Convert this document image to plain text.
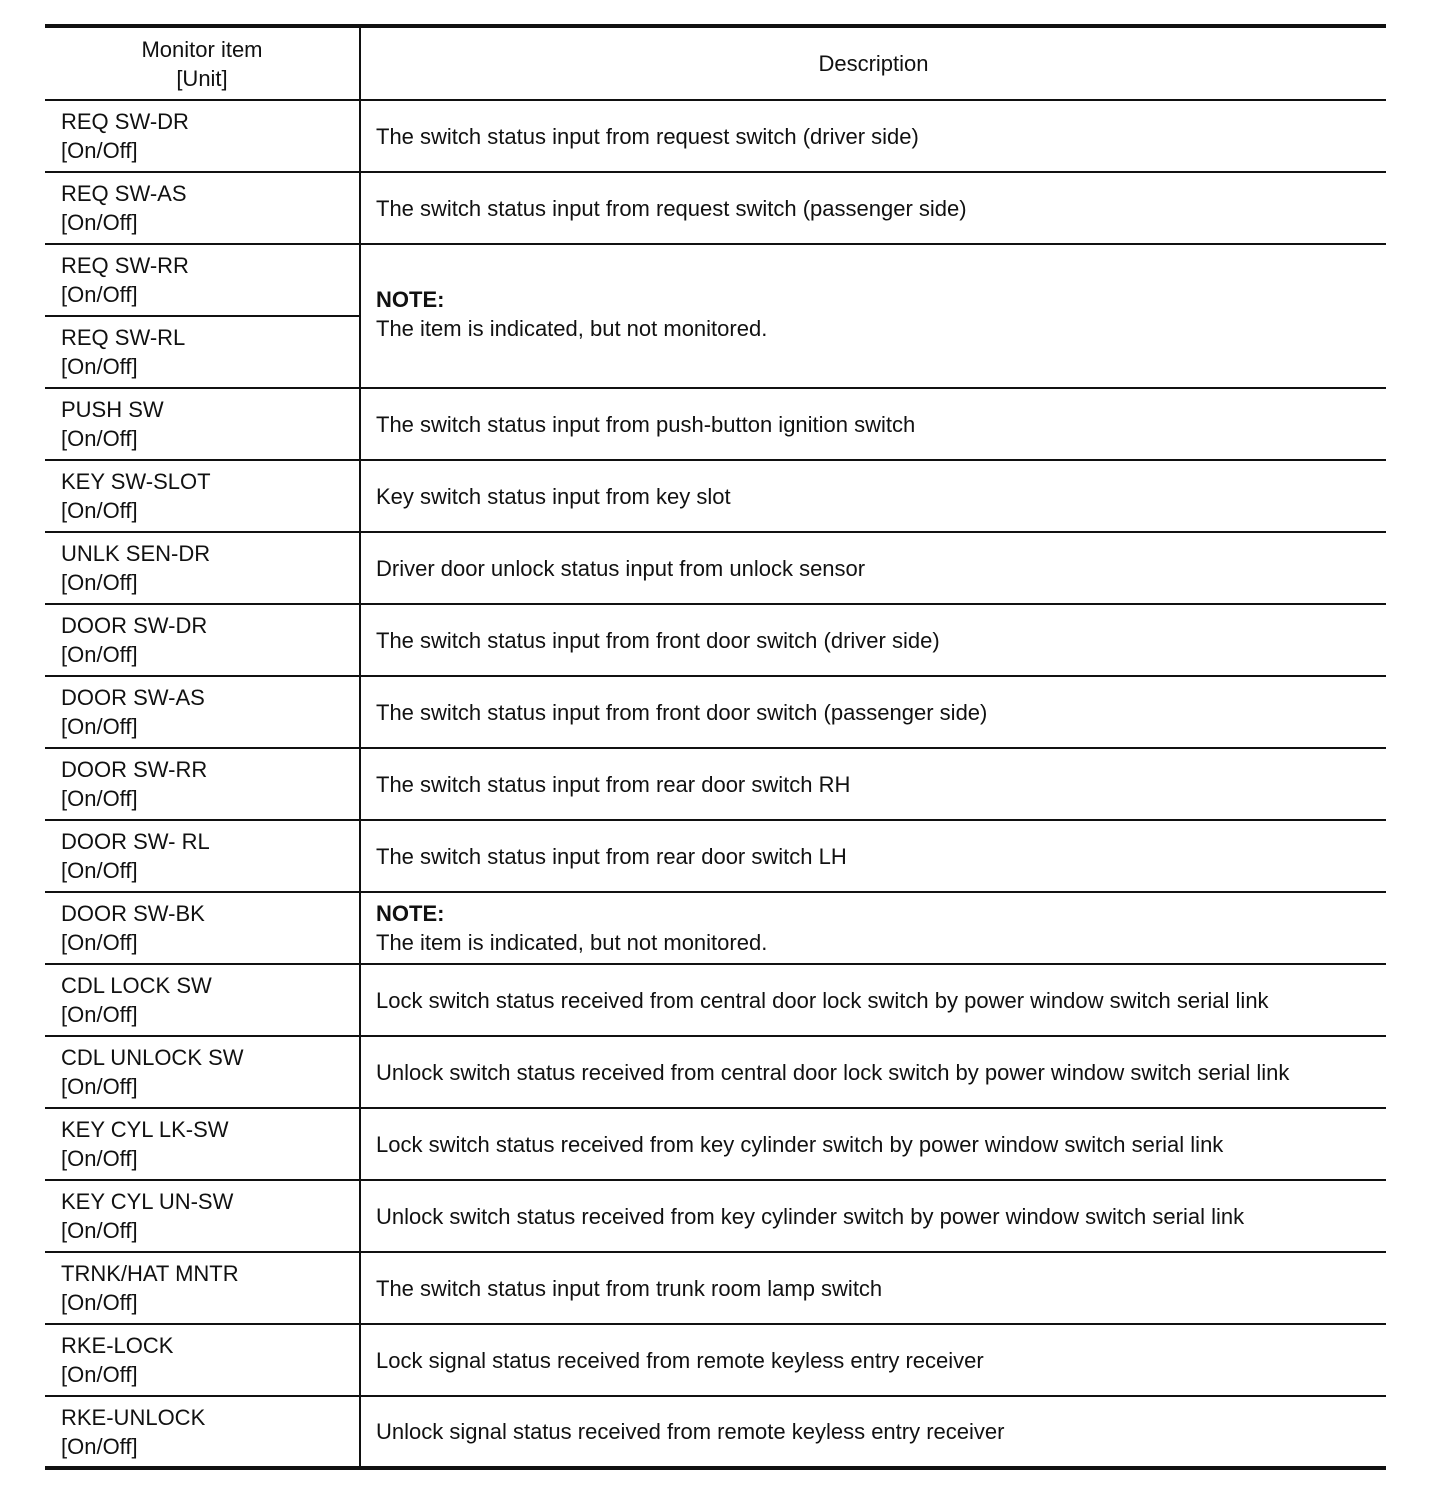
Monitor item
[Unit]	Description

REQ SW-DR
[On/Off]	The switch status input from request switch (driver side)

REQ SW-AS
[On/Off]	The switch status input from request switch (passenger side)

REQ SW-RR
[On/Off]	NOTE:
The item is indicated, but not monitored.

REQ SW-RL
[On/Off]	

PUSH SW
[On/Off]	The switch status input from push-button ignition switch

KEY SW-SLOT
[On/Off]	Key switch status input from key slot

UNLK SEN-DR
[On/Off]	Driver door unlock status input from unlock sensor

DOOR SW-DR
[On/Off]	The switch status input from front door switch (driver side)

DOOR SW-AS
[On/Off]	The switch status input from front door switch (passenger side)

DOOR SW-RR
[On/Off]	The switch status input from rear door switch RH

DOOR SW- RL
[On/Off]	The switch status input from rear door switch LH

DOOR SW-BK
[On/Off]	NOTE:
The item is indicated, but not monitored.

CDL LOCK SW
[On/Off]	Lock switch status received from central door lock switch by power window switch serial link

CDL UNLOCK SW
[On/Off]	Unlock switch status received from central door lock switch by power window switch serial link

KEY CYL LK-SW
[On/Off]	Lock switch status received from key cylinder switch by power window switch serial link

KEY CYL UN-SW
[On/Off]	Unlock switch status received from key cylinder switch by power window switch serial link

TRNK/HAT MNTR
[On/Off]	The switch status input from trunk room lamp switch

RKE-LOCK
[On/Off]	Lock signal status received from remote keyless entry receiver

RKE-UNLOCK
[On/Off]	Unlock signal status received from remote keyless entry receiver
